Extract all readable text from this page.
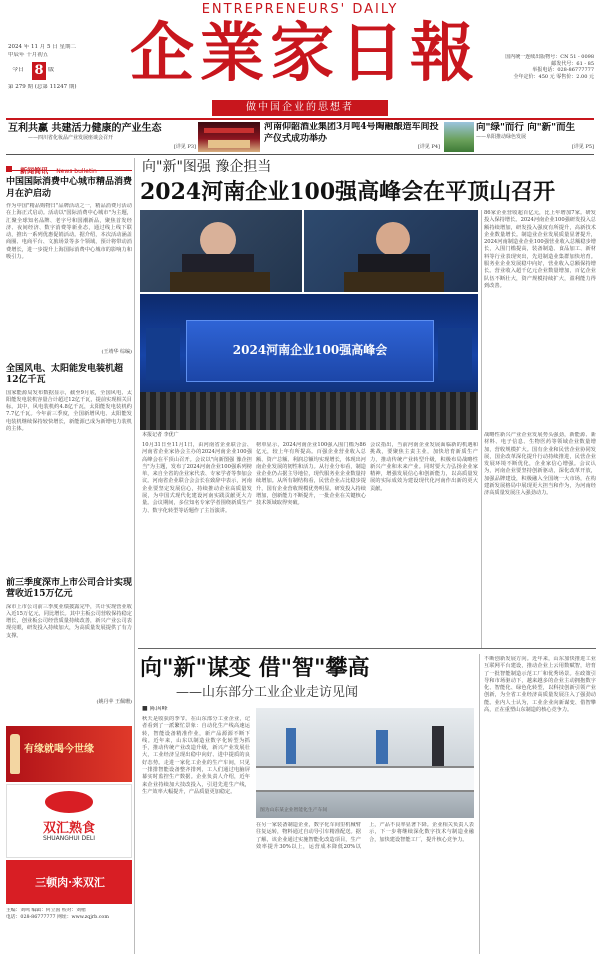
ENTREPRENEURS' DAILY
企業家日報
做中国企业的思想者
2024 年 11 月 5 日 星期二
甲辰年 十月初五
今日 8 版
第 279 期 (总第 11247 期)
国内统一连续出版物号：CN 51 - 0098
邮发代号：61 - 85
举报电话：028-86777777
全年定价：450 元 零售价：2.00 元
互利共赢 共建活力健康的产业生态
——四川省化妆品产业发展座谈会召开
[详见 P3]
河南仰韶酒业集团3月吨4号陶融酿造车间投产仪式成功举办
[详见 P4]
向"绿"而行 向"新"而生
——阜阳推动绿色发展
[详见 P5]
新闻简讯 News bulletin
中国国际消费中心城市精品消费月在沪启动
作为中国"精品购物日"品牌活动之一，精品消费月活动在上海正式启动。活动以"国际消费中心城市"为主题，汇聚全球知名品牌、老字号和国潮新品，聚焦首发经济、夜间经济、数字消费等新业态，通过线上线下联动，推出一系列优惠促销活动。据介绍，本次活动涵盖商圈、电商平台、文旅场景等多个领域，预计将带动消费增长，进一步提升上海国际消费中心城市的影响力和吸引力。
(王靖华 综编)
全国风电、太阳能发电装机超12亿千瓦
国家能源局发布数据显示，截至9月底，全国风电、太阳能发电装机容量合计超过12亿千瓦，提前实现相关目标。其中，风电装机约4.8亿千瓦，太阳能发电装机约7.7亿千瓦。今年前三季度，全国新增风电、太阳能发电装机继续保持较快增长，新能源已成为新增电力装机的主体。
前三季度深市上市公司合计实现营收近15万亿元
深市上市公司前三季度业绩披露完毕，共计实现营业收入近15万亿元，同比增长。其中主板公司营收保持稳定增长，创业板公司经营质量持续改善，新兴产业公司表现亮眼，研发投入持续加大，为高质量发展提供了有力支撑。
(姚丹苹 王佩珊)
有缘就喝今世缘
双汇熟食
SHUANGHUI DELI
三顿肉·来双汇
主编：刘鸣 编辑：何立国 校对：刘楷
电话：028-86777777 网址：www.zqjrb.com
向"新"图强 豫企担当
2024河南企业100强高峰会在平顶山召开
2024河南企业100强高峰会
本报记者 李优广
10月31日至11月1日，由河南省企业联合会、河南省企业家协会主办的2024河南企业100强高峰会在平顶山召开。会议以"向新图强 豫企担当"为主题，发布了2024河南企业100强系列榜单，来自全省的企业家代表、专家学者等参加会议。河南省企业联合会会长在致辞中表示，河南企业要坚定发展信心，持续推动企业高质量发展，为中国式现代化建设河南实践贡献更大力量。会议期间，多位知名专家学者围绕新质生产力、数字化转型等话题作了主旨演讲。
榜单显示，2024河南企业100强入围门槛为86亿元，较上年有所提高。百强企业营业收入总额、资产总额、利润总额均实现增长，体现出河南企业发展的韧性和活力。从行业分布看，制造业企业仍占据主导地位，现代服务业企业数量持续增加。从所有制结构看，民营企业占比稳步提升，国有企业营收规模优势明显。研发投入持续增加，创新能力不断提升，一批企业在关键核心技术领域取得突破。
会议指出，当前河南企业发展面临新的机遇和挑战，要聚焦主责主业，加快培育新质生产力，推动传统产业转型升级，积极布局战略性新兴产业和未来产业。同时要大力弘扬企业家精神，增强发展信心和创新能力，以高质量发展的实际成效为建设现代化河南作出新的更大贡献。
86家企业营收超百亿元，比上年增加7家。研发投入保持增长。2024河南企业100强研发投入总额持续增加，研发投入强度有所提升，高新技术企业数量增长。制造业企业发展质量显著提升，2024河南制造业企业100强营业收入总额稳步增长，入围门槛提高，装备制造、食品加工、新材料等行业表现突出，先进制造业集群加快培育。服务业企业发展稳中向好，营业收入总额保持增长。营业收入超千亿元企业数量增加，百亿企业队伍不断壮大，资产规模持续扩大，盈利能力得到改善。
战略性新兴产业企业发展势头强劲，新能源、新材料、电子信息、生物医药等领域企业数量增加，营收规模扩大。国有企业和民营企业协同发展，国企改革深化提升行动持续推进，民营企业发展环境不断优化，企业家信心增强。会议认为，河南企业要坚持创新驱动，深化改革开放，加强品牌建设，积极融入全国统一大市场，在构建新发展格局中展现更大担当和作为，为河南经济高质量发展注入强劲动力。
向"新"谋变 借"智"攀高
——山东部分工业企业走访见闻
■ 陈国峰
秋天是收获的季节。在山东部分工业企业，记者看到了一派繁忙景象：自动化生产线高速运转，智能设备精准作业，新产品源源不断下线。近年来，山东以制造业数字化转型为抓手，推动传统产业改造升级，新兴产业发展壮大，工业经济呈现出稳中向好、进中提质的良好态势。走进一家化工企业的生产车间，只见一排排智能设备整齐排列，工人们通过电脑屏幕实时监控生产数据。企业负责人介绍，近年来企业持续加大技改投入，引进先进生产线，生产效率大幅提升，产品质量更加稳定。
图为山东某企业智能化生产车间
在另一家装备制造企业，数字化车间里机械臂往复运转，物料通过自动导引车精准配送。据了解，该企业通过实施智能化改造项目，生产效率提升30%以上，运营成本降低20%以上，产品不良率显著下降。企业相关负责人表示，下一步将继续深化数字技术与制造业融合，加快建设智能工厂，提升核心竞争力。
不断创新发展方向。近年来，山东加快推进工业互联网平台建设，推动企业上云用数赋智，培育了一批智能制造示范工厂和优秀场景。在政策引导和市场驱动下，越来越多的企业主动拥抱数字化、智能化、绿色化转型，以科技创新引领产业创新，为全省工业经济高质量发展注入了强劲动能。业内人士认为，工业企业向新谋变、借智攀高，正在重塑山东制造的核心竞争力。
